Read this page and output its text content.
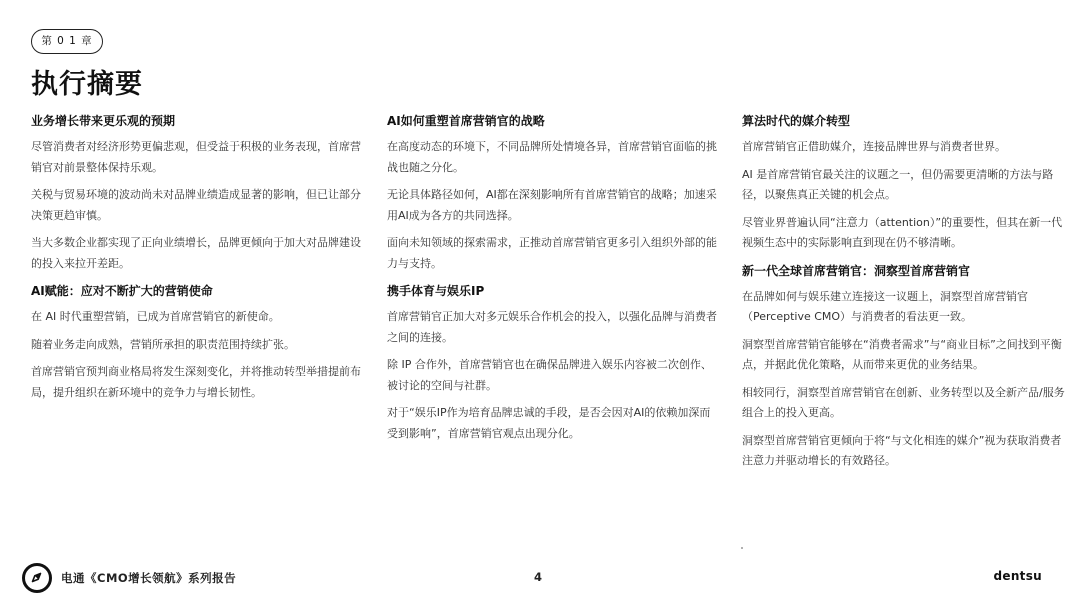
第 0 1 章
执行摘要

业务增长带来更乐观的预期

尽管消费者对经济形势更偏悲观，但受益于积极的业务表现，首席营销官对前景整体保持乐观。

关税与贸易环境的波动尚未对品牌业绩造成显著的影响，但已让部分决策更趋审慎。

当大多数企业都实现了正向业绩增长，品牌更倾向于加大对品牌建设的投入来拉开差距。

AI赋能：应对不断扩大的营销使命

在 AI 时代重塑营销，已成为首席营销官的新使命。

随着业务走向成熟，营销所承担的职责范围持续扩张。

首席营销官预判商业格局将发生深刻变化，并将推动转型举措提前布局，提升组织在新环境中的竞争力与增长韧性。

AI如何重塑首席营销官的战略

在高度动态的环境下，不同品牌所处情境各异，首席营销官面临的挑战也随之分化。

无论具体路径如何，AI都在深刻影响所有首席营销官的战略；加速采用AI成为各方的共同选择。

面向未知领域的探索需求，正推动首席营销官更多引入组织外部的能力与支持。

携手体育与娱乐IP

首席营销官正加大对多元娱乐合作机会的投入，以强化品牌与消费者之间的连接。

除 IP 合作外，首席营销官也在确保品牌进入娱乐内容被二次创作、被讨论的空间与社群。

对于“娱乐IP作为培育品牌忠诚的手段，是否会因对AI的依赖加深而受到影响”，首席营销官观点出现分化。

算法时代的媒介转型

首席营销官正借助媒介，连接品牌世界与消费者世界。

AI 是首席营销官最关注的议题之一，但仍需要更清晰的方法与路径，以聚焦真正关键的机会点。

尽管业界普遍认同“注意力（attention）”的重要性，但其在新一代视频生态中的实际影响直到现在仍不够清晰。

新一代全球首席营销官：洞察型首席营销官

在品牌如何与娱乐建立连接这一议题上，洞察型首席营销官（Perceptive CMO）与消费者的看法更一致。

洞察型首席营销官能够在“消费者需求”与“商业目标”之间找到平衡点，并据此优化策略，从而带来更优的业务结果。

相较同行，洞察型首席营销官在创新、业务转型以及全新产品/服务组合上的投入更高。

洞察型首席营销官更倾向于将“与文化相连的媒介”视为获取消费者注意力并驱动增长的有效路径。

电通《CMO增长领航》系列报告	4	dentsu
